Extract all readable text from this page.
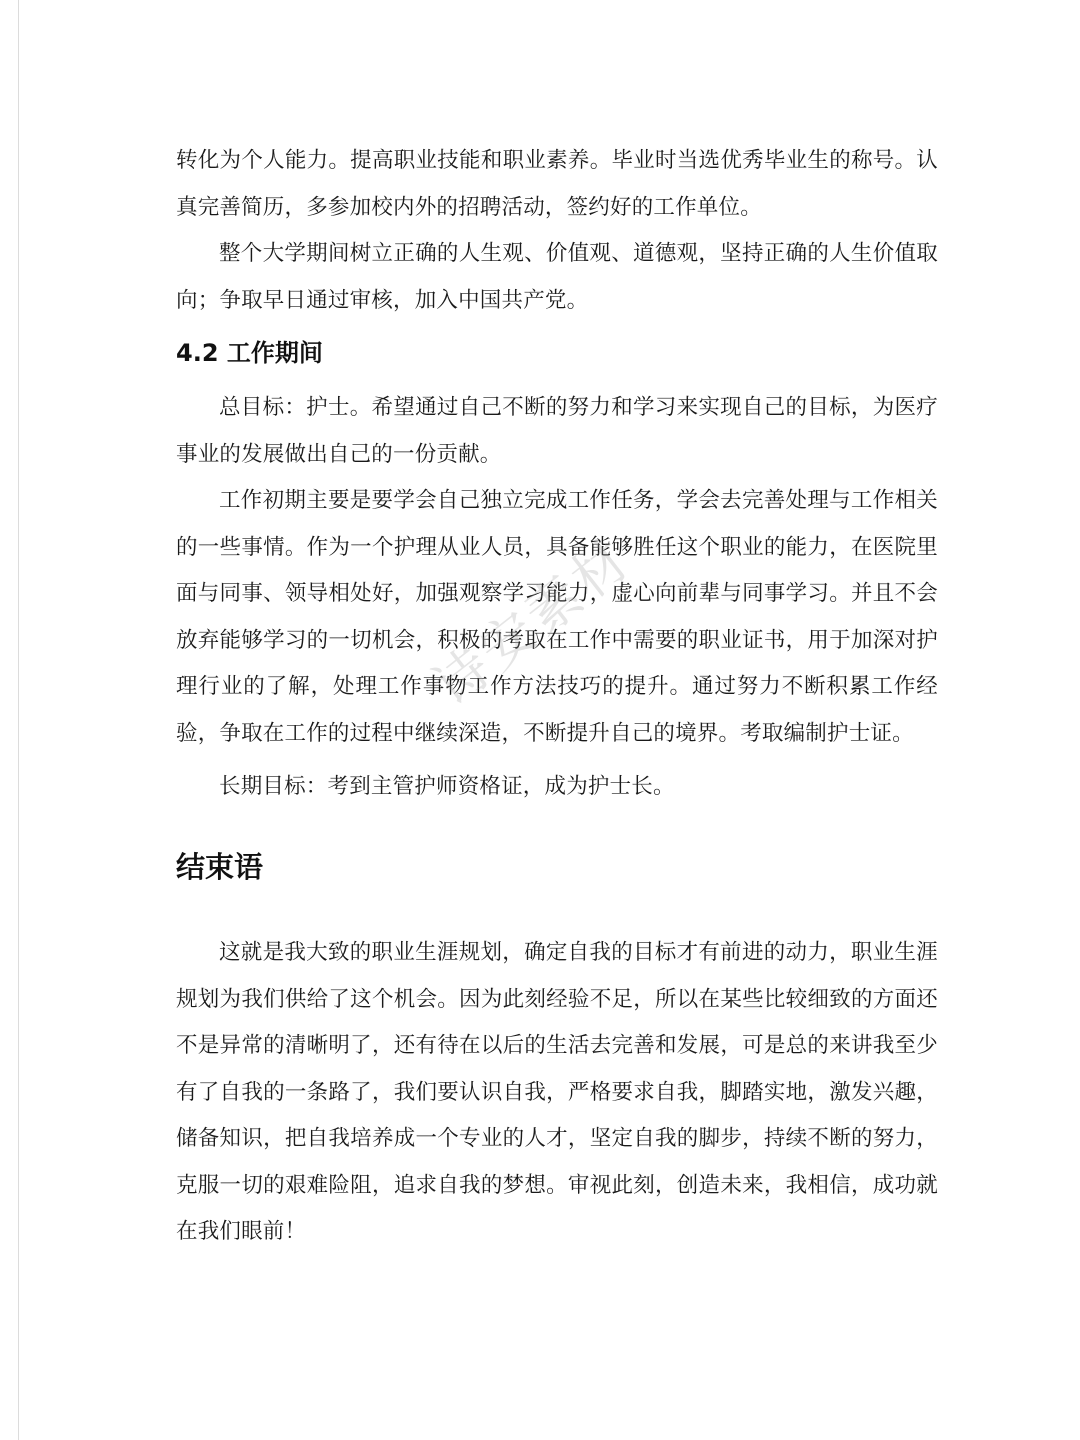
转化为个人能力。提高职业技能和职业素养。毕业时当选优秀毕业生的称号。认真完善简历，多参加校内外的招聘活动，签约好的工作单位。

整个大学期间树立正确的人生观、价值观、道德观，坚持正确的人生价值取向；争取早日通过审核，加入中国共产党。

4.2 工作期间

总目标：护士。希望通过自己不断的努力和学习来实现自己的目标，为医疗事业的发展做出自己的一份贡献。

工作初期主要是要学会自己独立完成工作任务，学会去完善处理与工作相关的一些事情。作为一个护理从业人员，具备能够胜任这个职业的能力，在医院里面与同事、领导相处好，加强观察学习能力，虚心向前辈与同事学习。并且不会放弃能够学习的一切机会，积极的考取在工作中需要的职业证书，用于加深对护理行业的了解，处理工作事物工作方法技巧的提升。通过努力不断积累工作经验，争取在工作的过程中继续深造，不断提升自己的境界。考取编制护士证。

长期目标：考到主管护师资格证，成为护士长。

结束语

这就是我大致的职业生涯规划，确定自我的目标才有前进的动力，职业生涯规划为我们供给了这个机会。因为此刻经验不足，所以在某些比较细致的方面还不是异常的清晰明了，还有待在以后的生活去完善和发展，可是总的来讲我至少有了自我的一条路了，我们要认识自我，严格要求自我，脚踏实地，激发兴趣，储备知识，把自我培养成一个专业的人才，坚定自我的脚步，持续不断的努力，克服一切的艰难险阻，追求自我的梦想。审视此刻，创造未来，我相信，成功就在我们眼前！

诗安素材
